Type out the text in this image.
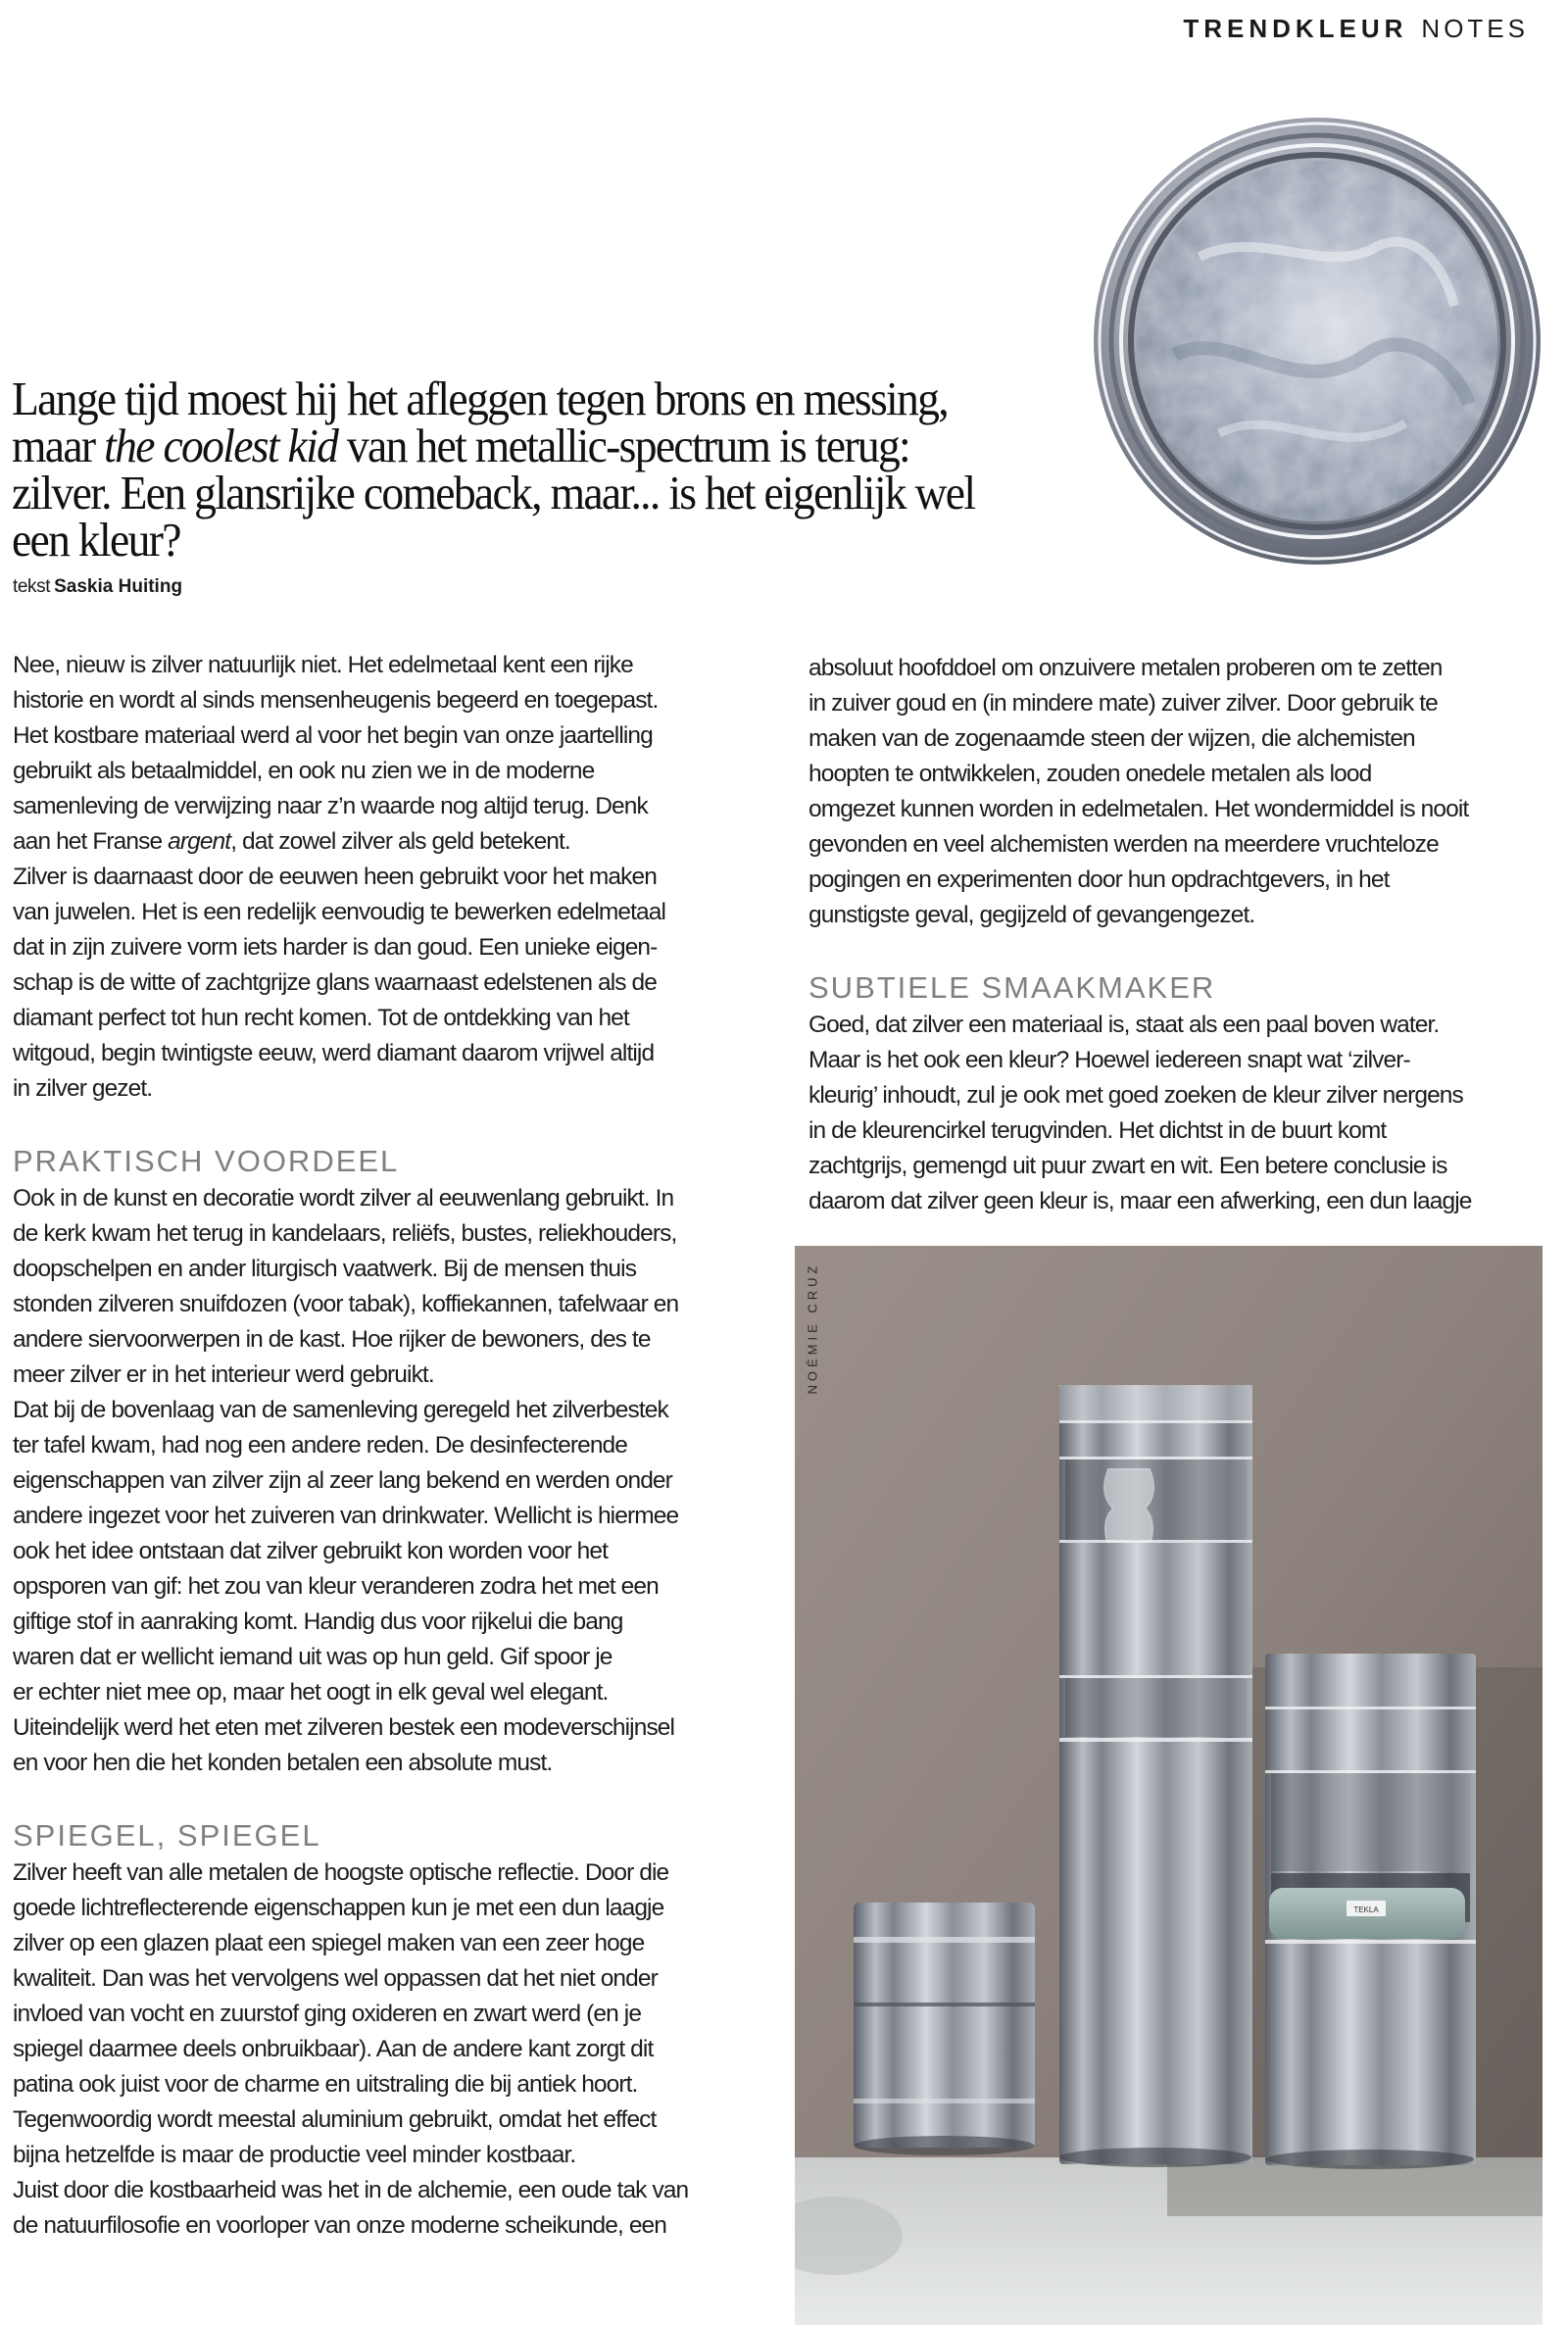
TRENDKLEUR NOTES
Lange tijd moest hij het afleggen tegen brons en messing, maar the coolest kid van het metallic-spectrum is terug: zilver. Een glansrijke comeback, maar... is het eigenlijk wel een kleur?
tekst Saskia Huiting

Nee, nieuw is zilver natuurlijk niet. Het edelmetaal kent een rijke
historie en wordt al sinds mensenheugenis begeerd en toegepast.
Het kostbare materiaal werd al voor het begin van onze jaartelling
gebruikt als betaalmiddel, en ook nu zien we in de moderne
samenleving de verwijzing naar z’n waarde nog altijd terug. Denk
aan het Franse argent, dat zowel zilver als geld betekent.
Zilver is daarnaast door de eeuwen heen gebruikt voor het maken
van juwelen. Het is een redelijk eenvoudig te bewerken edelmetaal
dat in zijn zuivere vorm iets harder is dan goud. Een unieke eigen-
schap is de witte of zachtgrijze glans waarnaast edelstenen als de
diamant perfect tot hun recht komen. Tot de ontdekking van het
witgoud, begin twintigste eeuw, werd diamant daarom vrijwel altijd
in zilver gezet.

PRAKTISCH VOORDEEL

Ook in de kunst en decoratie wordt zilver al eeuwenlang gebruikt. In
de kerk kwam het terug in kandelaars, reliëfs, bustes, reliekhouders,
doopschelpen en ander liturgisch vaatwerk. Bij de mensen thuis
stonden zilveren snuifdozen (voor tabak), koffiekannen, tafelwaar en
andere siervoorwerpen in de kast. Hoe rijker de bewoners, des te
meer zilver er in het interieur werd gebruikt.
Dat bij de bovenlaag van de samenleving geregeld het zilverbestek
ter tafel kwam, had nog een andere reden. De desinfecterende
eigenschappen van zilver zijn al zeer lang bekend en werden onder
andere ingezet voor het zuiveren van drinkwater. Wellicht is hiermee
ook het idee ontstaan dat zilver gebruikt kon worden voor het
opsporen van gif: het zou van kleur veranderen zodra het met een
giftige stof in aanraking komt. Handig dus voor rijkelui die bang
waren dat er wellicht iemand uit was op hun geld. Gif spoor je
er echter niet mee op, maar het oogt in elk geval wel elegant.
Uiteindelijk werd het eten met zilveren bestek een modeverschijnsel
en voor hen die het konden betalen een absolute must.

SPIEGEL, SPIEGEL

Zilver heeft van alle metalen de hoogste optische reflectie. Door die
goede lichtreflecterende eigenschappen kun je met een dun laagje
zilver op een glazen plaat een spiegel maken van een zeer hoge
kwaliteit. Dan was het vervolgens wel oppassen dat het niet onder
invloed van vocht en zuurstof ging oxideren en zwart werd (en je
spiegel daarmee deels onbruikbaar). Aan de andere kant zorgt dit
patina ook juist voor de charme en uitstraling die bij antiek hoort.
Tegenwoordig wordt meestal aluminium gebruikt, omdat het effect
bijna hetzelfde is maar de productie veel minder kostbaar.
Juist door die kostbaarheid was het in de alchemie, een oude tak van
de natuurfilosofie en voorloper van onze moderne scheikunde, een

absoluut hoofddoel om onzuivere metalen proberen om te zetten
in zuiver goud en (in mindere mate) zuiver zilver. Door gebruik te
maken van de zogenaamde steen der wijzen, die alchemisten
hoopten te ontwikkelen, zouden onedele metalen als lood
omgezet kunnen worden in edelmetalen. Het wondermiddel is nooit
gevonden en veel alchemisten werden na meerdere vruchteloze
pogingen en experimenten door hun opdrachtgevers, in het
gunstigste geval, gegijzeld of gevangengezet.

SUBTIELE SMAAKMAKER

Goed, dat zilver een materiaal is, staat als een paal boven water.
Maar is het ook een kleur? Hoewel iedereen snapt wat ‘zilver-
kleurig’ inhoudt, zul je ook met goed zoeken de kleur zilver nergens
in de kleurencirkel terugvinden. Het dichtst in de buurt komt
zachtgrijs, gemengd uit puur zwart en wit. Een betere conclusie is
daarom dat zilver geen kleur is, maar een afwerking, een dun laagje

TEKLA
NOÉMIE CRUZ
